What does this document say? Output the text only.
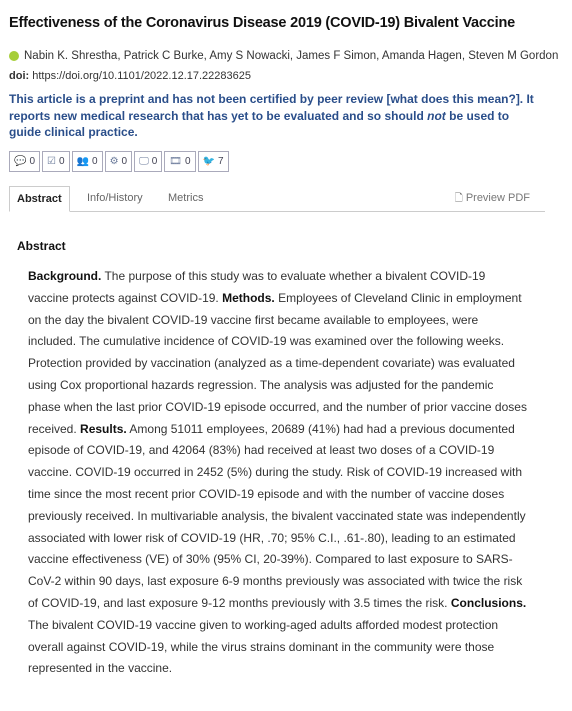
Effectiveness of the Coronavirus Disease 2019 (COVID-19) Bivalent Vaccine
Nabin K. Shrestha, Patrick C Burke, Amy S Nowacki, James F Simon, Amanda Hagen, Steven M Gordon
doi: https://doi.org/10.1101/2022.12.17.22283625
This article is a preprint and has not been certified by peer review [what does this mean?]. It reports new medical research that has yet to be evaluated and so should not be used to guide clinical practice.
💬 0 ☑ 0 👥 0 ⚙ 0 🖵 0 🎞 0 🐦 7
Abstract	Info/History	Metrics	🗋 Preview PDF
Abstract
Background. The purpose of this study was to evaluate whether a bivalent COVID-19 vaccine protects against COVID-19. Methods. Employees of Cleveland Clinic in employment on the day the bivalent COVID-19 vaccine first became available to employees, were included. The cumulative incidence of COVID-19 was examined over the following weeks. Protection provided by vaccination (analyzed as a time-dependent covariate) was evaluated using Cox proportional hazards regression. The analysis was adjusted for the pandemic phase when the last prior COVID-19 episode occurred, and the number of prior vaccine doses received. Results. Among 51011 employees, 20689 (41%) had had a previous documented episode of COVID-19, and 42064 (83%) had received at least two doses of a COVID-19 vaccine. COVID-19 occurred in 2452 (5%) during the study. Risk of COVID-19 increased with time since the most recent prior COVID-19 episode and with the number of vaccine doses previously received. In multivariable analysis, the bivalent vaccinated state was independently associated with lower risk of COVID-19 (HR, .70; 95% C.I., .61-.80), leading to an estimated vaccine effectiveness (VE) of 30% (95% CI, 20-39%). Compared to last exposure to SARS-CoV-2 within 90 days, last exposure 6-9 months previously was associated with twice the risk of COVID-19, and last exposure 9-12 months previously with 3.5 times the risk. Conclusions. The bivalent COVID-19 vaccine given to working-aged adults afforded modest protection overall against COVID-19, while the virus strains dominant in the community were those represented in the vaccine.
